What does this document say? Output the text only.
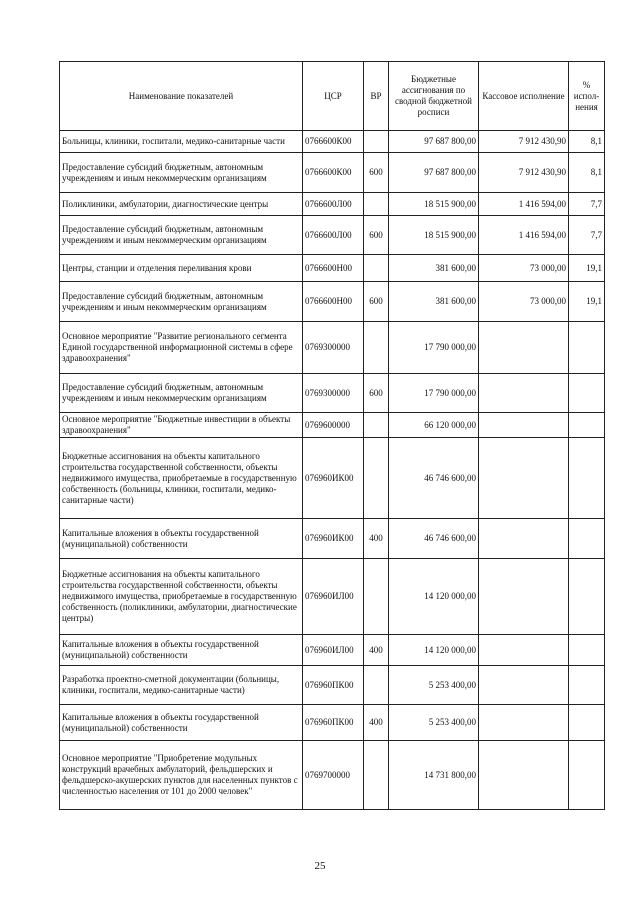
Наименование показателей	ЦСР	ВР	Бюджетные ассигнования по сводной бюджетной росписи	Кассовое исполнение	% испол-нения
Больницы, клиники, госпитали, медико-санитарные части	0766600К00		97 687 800,00	7 912 430,90	8,1
Предоставление субсидий бюджетным, автономным учреждениям и иным некоммерческим организациям	0766600К00	600	97 687 800,00	7 912 430,90	8,1
Поликлиники, амбулатории, диагностические центры	0766600Л00		18 515 900,00	1 416 594,00	7,7
Предоставление субсидий бюджетным, автономным учреждениям и иным некоммерческим организациям	0766600Л00	600	18 515 900,00	1 416 594,00	7,7
Центры, станции и отделения переливания крови	0766600Н00		381 600,00	73 000,00	19,1
Предоставление субсидий бюджетным, автономным учреждениям и иным некоммерческим организациям	0766600Н00	600	381 600,00	73 000,00	19,1
Основное мероприятие "Развитие регионального сегмента Единой государственной информационной системы в сфере здравоохранения"	0769300000		17 790 000,00		
Предоставление субсидий бюджетным, автономным учреждениям и иным некоммерческим организациям	0769300000	600	17 790 000,00		
Основное мероприятие "Бюджетные инвестиции в объекты здравоохранения"	0769600000		66 120 000,00		
Бюджетные ассигнования на объекты капитального строительства государственной собственности, объекты недвижимого имущества, приобретаемые в государственную собственность (больницы, клиники, госпитали, медико-санитарные части)	076960ИК00		46 746 600,00		
Капитальные вложения в объекты государственной (муниципальной) собственности	076960ИК00	400	46 746 600,00		
Бюджетные ассигнования на объекты капитального строительства государственной собственности, объекты недвижимого имущества, приобретаемые в государственную собственность (поликлиники, амбулатории, диагностические центры)	076960ИЛ00		14 120 000,00		
Капитальные вложения в объекты государственной (муниципальной) собственности	076960ИЛ00	400	14 120 000,00		
Разработка проектно-сметной документации (больницы, клиники, госпитали, медико-санитарные части)	076960ПК00		5 253 400,00		
Капитальные вложения в объекты государственной (муниципальной) собственности	076960ПК00	400	5 253 400,00		
Основное мероприятие "Приобретение модульных конструкций врачебных амбулаторий, фельдшерских и фельдшерско-акушерских пунктов для населенных пунктов с численностью населения от 101 до 2000 человек"	0769700000		14 731 800,00		
25
